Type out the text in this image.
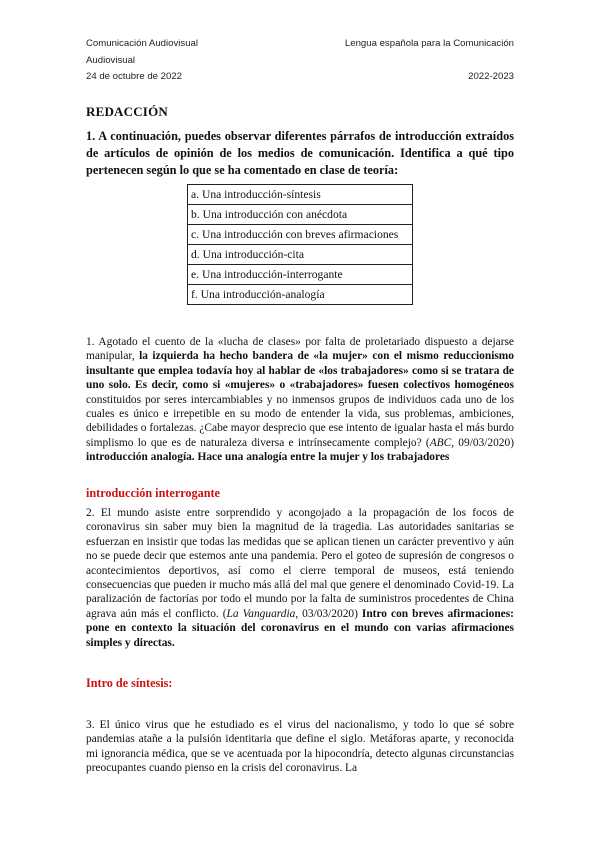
Comunicación Audiovisual	Lengua española para la Comunicación
Audiovisual
24 de octubre de 2022	2022-2023
REDACCIÓN
1. A continuación, puedes observar diferentes párrafos de introducción extraídos de artículos de opinión de los medios de comunicación. Identifica a qué tipo pertenecen según lo que se ha comentado en clase de teoría:
a. Una introducción-síntesis
b. Una introducción con anécdota
c. Una introducción con breves afirmaciones
d. Una introducción-cita
e. Una introducción-interrogante
f. Una introducción-analogía
1. Agotado el cuento de la «lucha de clases» por falta de proletariado dispuesto a dejarse manipular, la izquierda ha hecho bandera de «la mujer» con el mismo reduccionismo insultante que emplea todavía hoy al hablar de «los trabajadores» como si se tratara de uno solo. Es decir, como si «mujeres» o «trabajadores» fuesen colectivos homogéneos constituidos por seres intercambiables y no inmensos grupos de individuos cada uno de los cuales es único e irrepetible en su modo de entender la vida, sus problemas, ambiciones, debilidades o fortalezas. ¿Cabe mayor desprecio que ese intento de igualar hasta el más burdo simplismo lo que es de naturaleza diversa e intrínsecamente complejo? (ABC, 09/03/2020) introducción analogía. Hace una analogía entre la mujer y los trabajadores
introducción interrogante
2. El mundo asiste entre sorprendido y acongojado a la propagación de los focos de coronavirus sin saber muy bien la magnitud de la tragedia. Las autoridades sanitarias se esfuerzan en insistir que todas las medidas que se aplican tienen un carácter preventivo y aún no se puede decir que estemos ante una pandemia. Pero el goteo de supresión de congresos o acontecimientos deportivos, así como el cierre temporal de museos, está teniendo consecuencias que pueden ir mucho más allá del mal que genere el denominado Covid-19. La paralización de factorías por todo el mundo por la falta de suministros procedentes de China agrava aún más el conflicto. (La Vanguardia, 03/03/2020) Intro con breves afirmaciones: pone en contexto la situación del coronavirus en el mundo con varias afirmaciones simples y directas.
Intro de síntesis:
3. El único virus que he estudiado es el virus del nacionalismo, y todo lo que sé sobre pandemias atañe a la pulsión identitaria que define el siglo. Metáforas aparte, y reconocida mi ignorancia médica, que se ve acentuada por la hipocondría, detecto algunas circunstancias preocupantes cuando pienso en la crisis del coronavirus. La
